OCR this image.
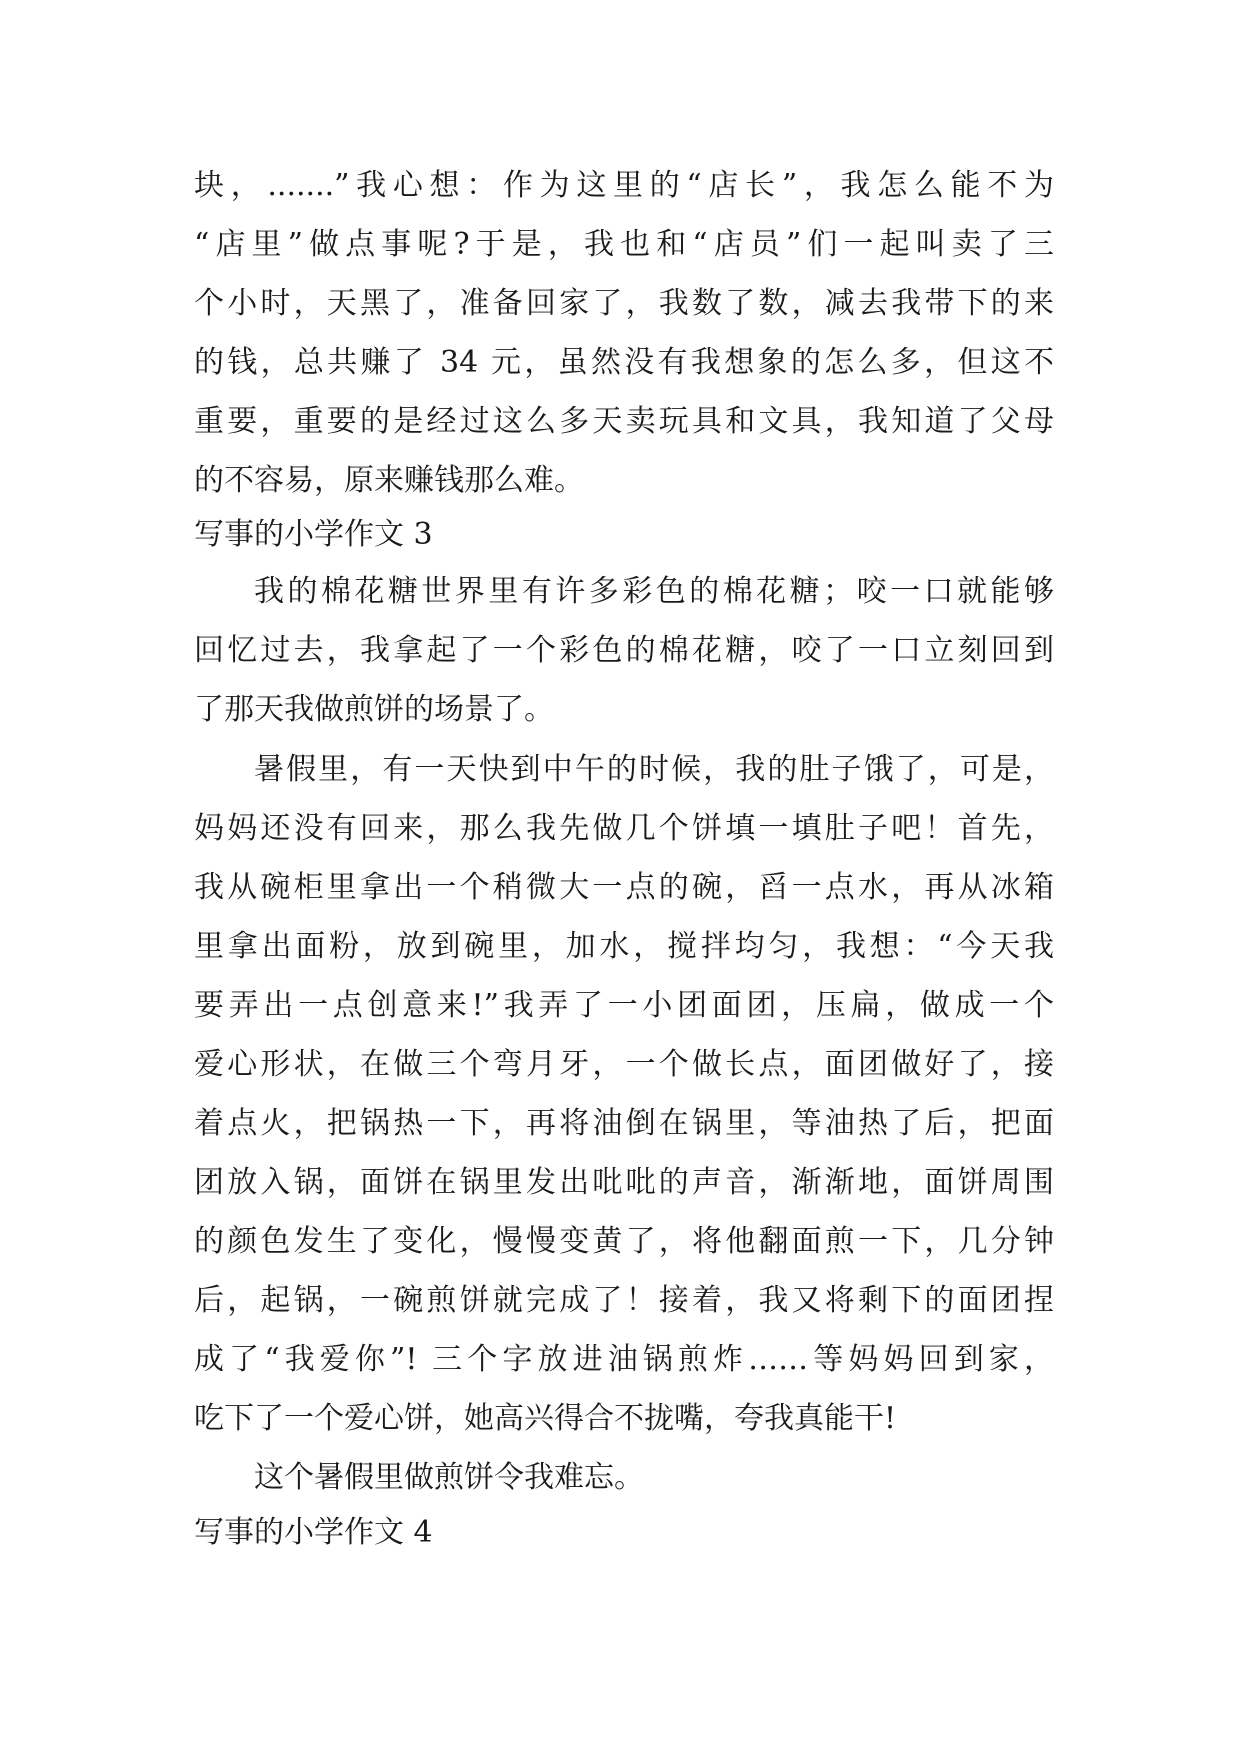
块，.......”我心想：作为这里的“店长”，我怎么能不为
“店里”做点事呢?于是，我也和“店员”们一起叫卖了三
个小时，天黑了，准备回家了，我数了数，减去我带下的来
的钱，总共赚了 34 元，虽然没有我想象的怎么多，但这不
重要，重要的是经过这么多天卖玩具和文具，我知道了父母
的不容易，原来赚钱那么难。
写事的小学作文 3
我的棉花糖世界里有许多彩色的棉花糖；咬一口就能够
回忆过去，我拿起了一个彩色的棉花糖，咬了一口立刻回到
了那天我做煎饼的场景了。
暑假里，有一天快到中午的时候，我的肚子饿了，可是，
妈妈还没有回来，那么我先做几个饼填一填肚子吧！首先，
我从碗柜里拿出一个稍微大一点的碗，舀一点水，再从冰箱
里拿出面粉，放到碗里，加水，搅拌均匀，我想：“今天我
要弄出一点创意来!”我弄了一小团面团，压扁，做成一个
爱心形状，在做三个弯月牙，一个做长点，面团做好了，接
着点火，把锅热一下，再将油倒在锅里，等油热了后，把面
团放入锅，面饼在锅里发出吡吡的声音，渐渐地，面饼周围
的颜色发生了变化，慢慢变黄了，将他翻面煎一下，几分钟
后，起锅，一碗煎饼就完成了！接着，我又将剩下的面团捏
成了“我爱你”! 三个字放进油锅煎炸……等妈妈回到家，
吃下了一个爱心饼，她高兴得合不拢嘴，夸我真能干!
这个暑假里做煎饼令我难忘。
写事的小学作文 4
